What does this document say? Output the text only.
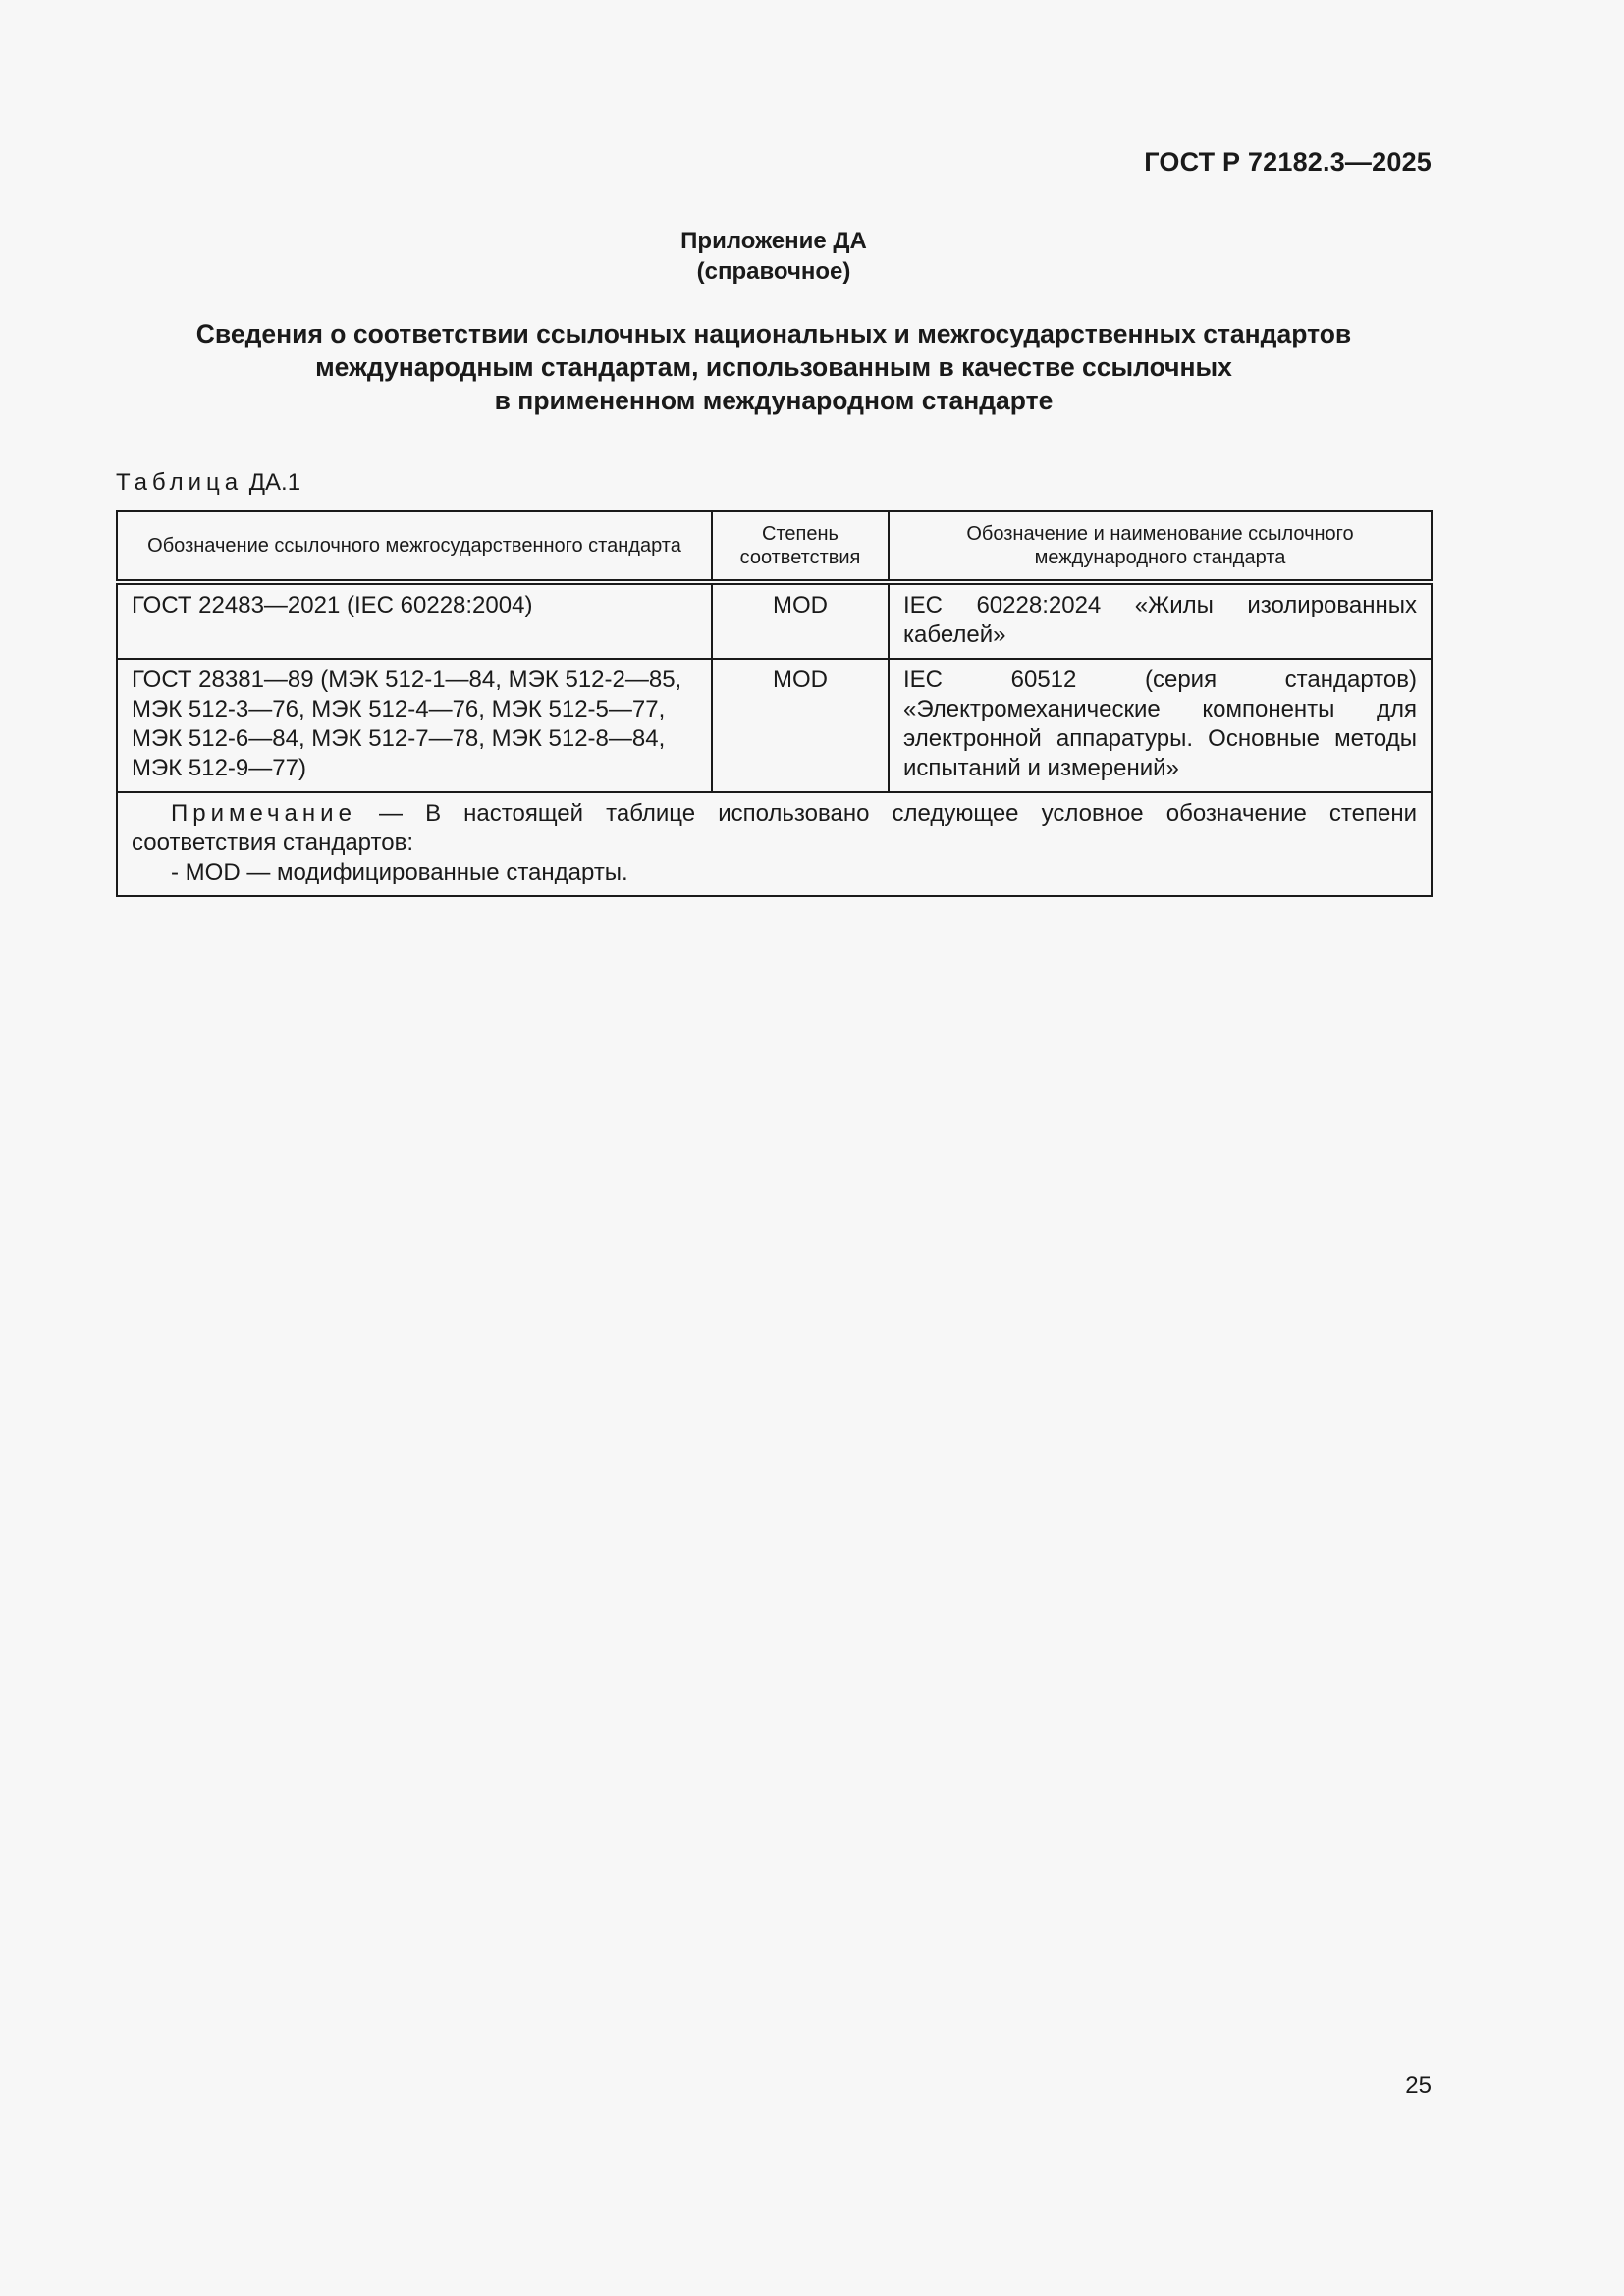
ГОСТ Р 72182.3—2025
Приложение ДА
(справочное)
Сведения о соответствии ссылочных национальных и межгосударственных стандартов
международным стандартам, использованным в качестве ссылочных
в примененном международном стандарте
Таблица ДА.1
Обозначение ссылочного межгосударственного стандарта	Степень соответствия	Обозначение и наименование ссылочного международного стандарта
ГОСТ 22483—2021 (IEC 60228:2004)	MOD	IEC 60228:2024 «Жилы изолированных кабелей»
ГОСТ 28381—89 (МЭК 512-1—84, МЭК 512-2—85, МЭК 512-3—76, МЭК 512-4—76, МЭК 512-5—77, МЭК 512-6—84, МЭК 512-7—78, МЭК 512-8—84, МЭК 512-9—77)	MOD	IEC 60512 (серия стандартов) «Электромеханические компоненты для электронной аппаратуры. Основные методы испытаний и измерений»
Примечание — В настоящей таблице использовано следующее условное обозначение степени соответствия стандартов:
- MOD — модифицированные стандарты.		
25
